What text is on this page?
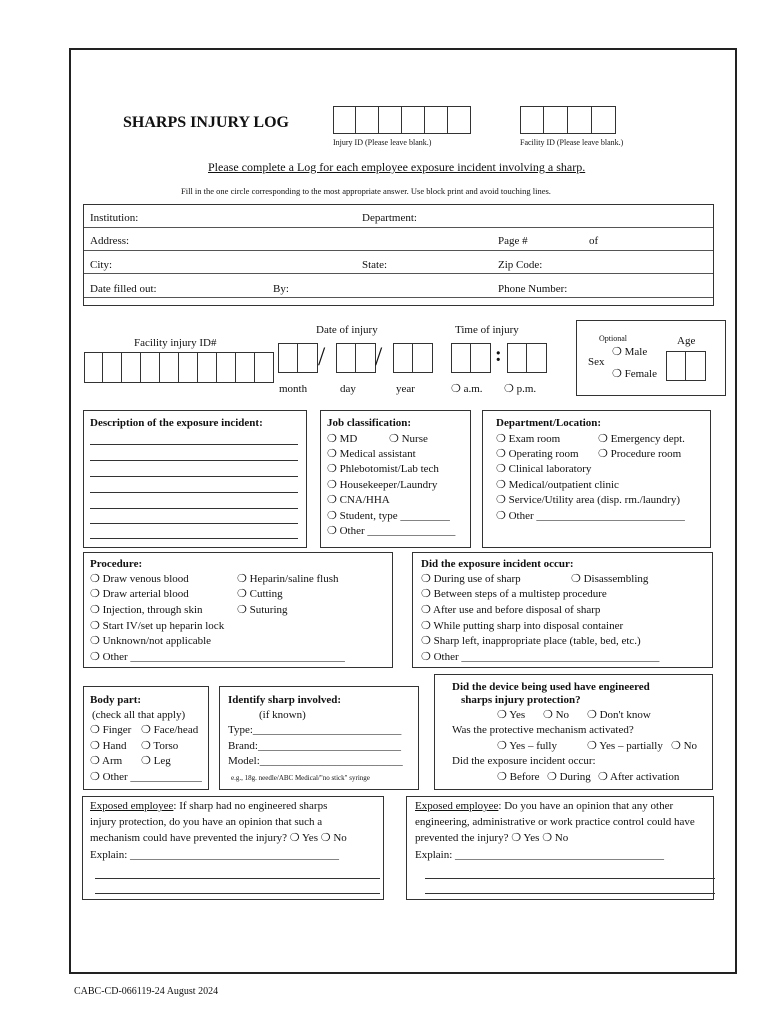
SHARPS INJURY LOG
Injury ID (Please leave blank.)	Facility ID (Please leave blank.)
Please complete a Log for each employee exposure incident involving a sharp.
Fill in the one circle corresponding to the most appropriate answer. Use block print and avoid touching lines.
Institution:	Department:
Address:	Page #	of
City:	State:	Zip Code:
Date filled out:	By:	Phone Number:
Facility injury ID#
Date of injury
/ /
month	day	year
Time of injury
:
❍ a.m. ❍ p.m.
Optional
Sex
❍ Male
❍ Female
Age
Description of the exposure incident:	Job classification:
❍ MD	❍ Nurse
❍ Medical assistant
❍ Phlebotomist/Lab tech
❍ Housekeeper/Laundry
❍ CNA/HHA
❍ Student, type _________
❍ Other ________________
Department/Location:
❍ Exam room	❍ Emergency dept.
❍ Operating room ❍ Procedure room
❍ Clinical laboratory
❍ Medical/outpatient clinic
❍ Service/Utility area (disp. rm./laundry)
❍ Other ___________________________
Procedure:
❍ Draw venous blood	❍ Heparin/saline flush
❍ Draw arterial blood	❍ Cutting
❍ Injection, through skin	❍ Suturing
❍ Start IV/set up heparin lock
❍ Unknown/not applicable
❍ Other _______________________________________
Did the exposure incident occur:
❍ During use of sharp	❍ Disassembling
❍ Between steps of a multistep procedure
❍ After use and before disposal of sharp
❍ While putting sharp into disposal container
❍ Sharp left, inappropriate place (table, bed, etc.)
❍ Other ____________________________________
Body part:
(check all that apply)
❍ Finger ❍ Face/head
❍ Hand ❍ Torso
❍ Arm ❍ Leg
❍ Other _____________
Identify sharp involved:
(if known)
Type:___________________________
Brand:__________________________
Model:__________________________
e.g., 18g. needle/ABC Medical/"no stick" syringe
Did the device being used have engineered
sharps injury protection?
❍ Yes ❍ No ❍ Don't know
Was the protective mechanism activated?
❍ Yes – fully	❍ Yes – partially ❍ No
Did the exposure incident occur:
❍ Before ❍ During ❍ After activation
Exposed employee: If sharp had no engineered sharps
injury protection, do you have an opinion that such a
mechanism could have prevented the injury? ❍ Yes ❍ No
Explain: ______________________________________
Exposed employee: Do you have an opinion that any other
engineering, administrative or work practice control could have
prevented the injury? ❍ Yes ❍ No
Explain: ______________________________________
CABC-CD-066119-24 August 2024
